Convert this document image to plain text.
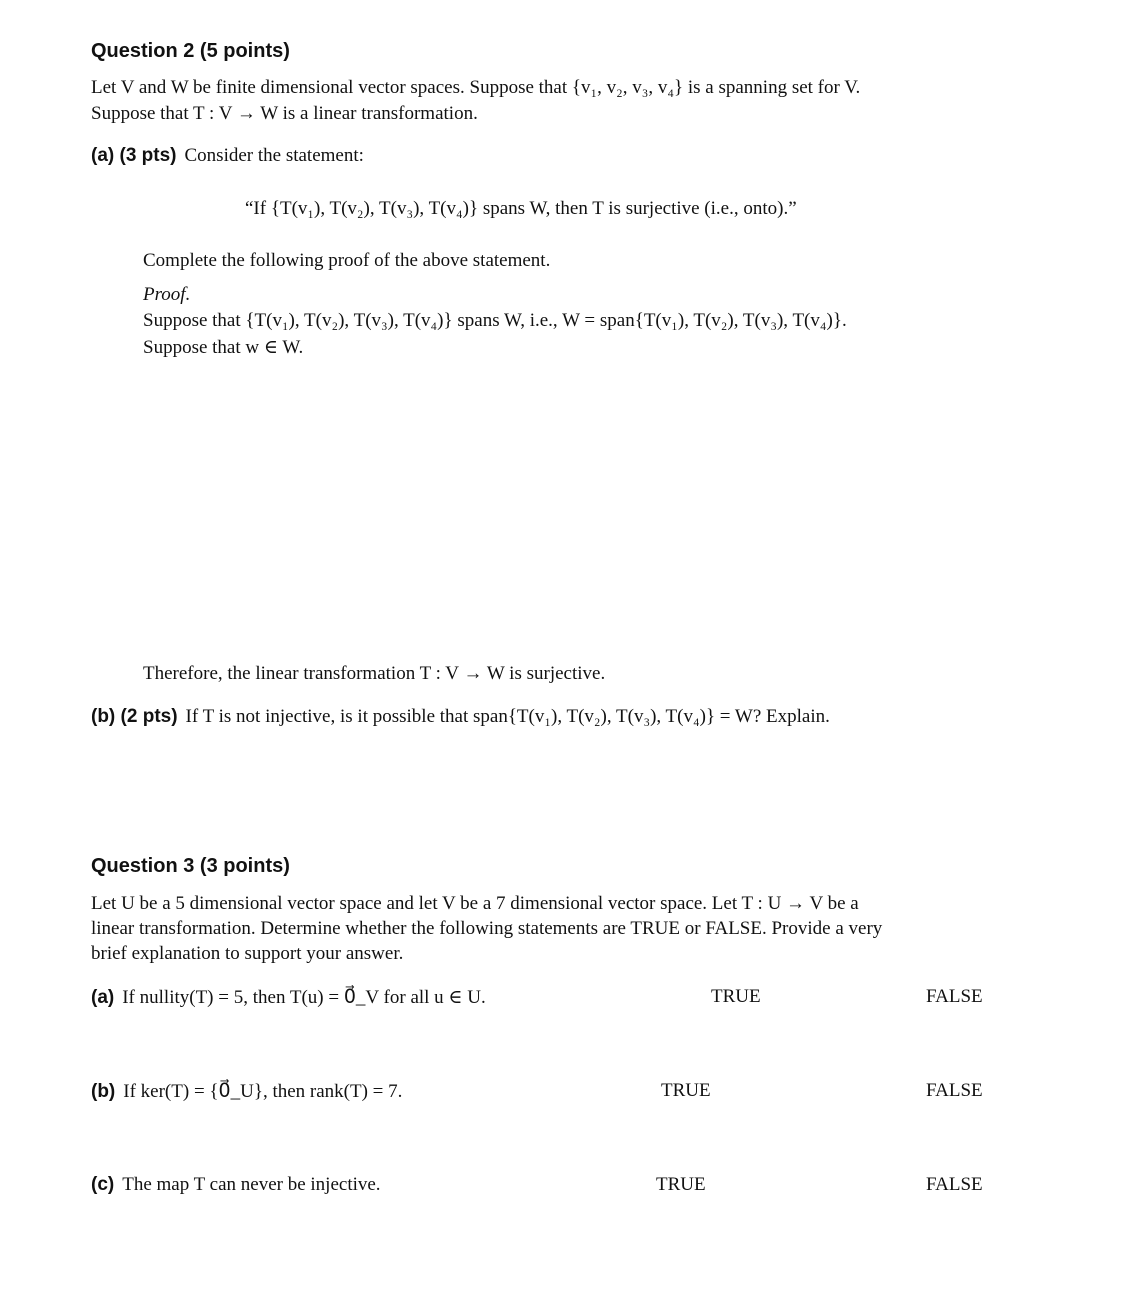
Question 2 (5 points)
Let V and W be finite dimensional vector spaces. Suppose that {v₁, v₂, v₃, v₄} is a spanning set for V.
Suppose that T : V → W is a linear transformation.
(a) (3 pts) Consider the statement:
“If {T(v₁), T(v₂), T(v₃), T(v₄)} spans W, then T is surjective (i.e., onto).”
Complete the following proof of the above statement.
Proof.
Suppose that {T(v₁), T(v₂), T(v₃), T(v₄)} spans W, i.e., W = span{T(v₁), T(v₂), T(v₃), T(v₄)}.
Suppose that w ∈ W.
Therefore, the linear transformation T : V → W is surjective.
(b) (2 pts) If T is not injective, is it possible that span{T(v₁), T(v₂), T(v₃), T(v₄)} = W? Explain.
Question 3 (3 points)
Let U be a 5 dimensional vector space and let V be a 7 dimensional vector space. Let T : U → V be a
linear transformation. Determine whether the following statements are TRUE or FALSE. Provide a very
brief explanation to support your answer.
(a) If nullity(T) = 5, then T(u) = 0⃗_V for all u ∈ U.	TRUE	FALSE
(b) If ker(T) = {0⃗_U}, then rank(T) = 7.	TRUE	FALSE
(c) The map T can never be injective.	TRUE	FALSE
